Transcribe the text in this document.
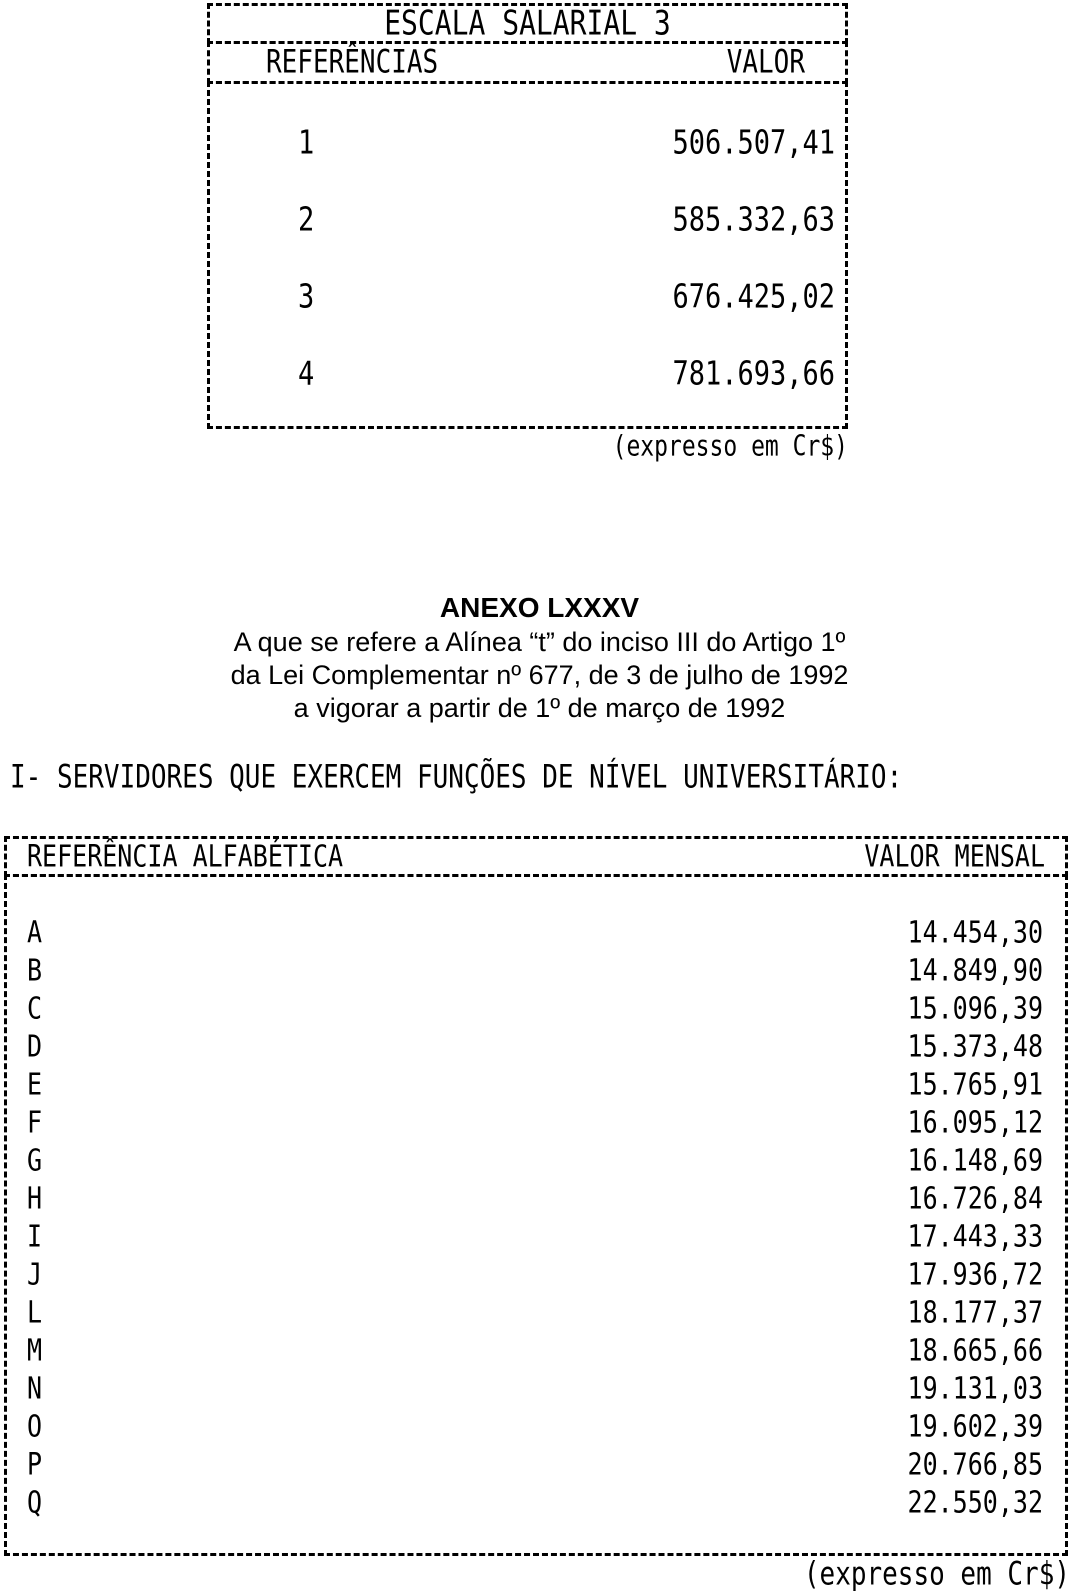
ESCALA SALARIAL 3
REFERÊNCIAS	VALOR
1	506.507,41
2	585.332,63
3	676.425,02
4	781.693,66
(expresso em Cr$)
ANEXO LXXXV
A que se refere a Alínea “t” do inciso III do Artigo 1º
da Lei Complementar nº 677, de 3 de julho de 1992
a vigorar a partir de 1º de março de 1992
I- SERVIDORES QUE EXERCEM FUNÇÕES DE NÍVEL UNIVERSITÁRIO:
REFERÊNCIA ALFABÉTICA	VALOR MENSAL
A	14.454,30
B	14.849,90
C	15.096,39
D	15.373,48
E	15.765,91
F	16.095,12
G	16.148,69
H	16.726,84
I	17.443,33
J	17.936,72
L	18.177,37
M	18.665,66
N	19.131,03
O	19.602,39
P	20.766,85
Q	22.550,32
(expresso em Cr$)
